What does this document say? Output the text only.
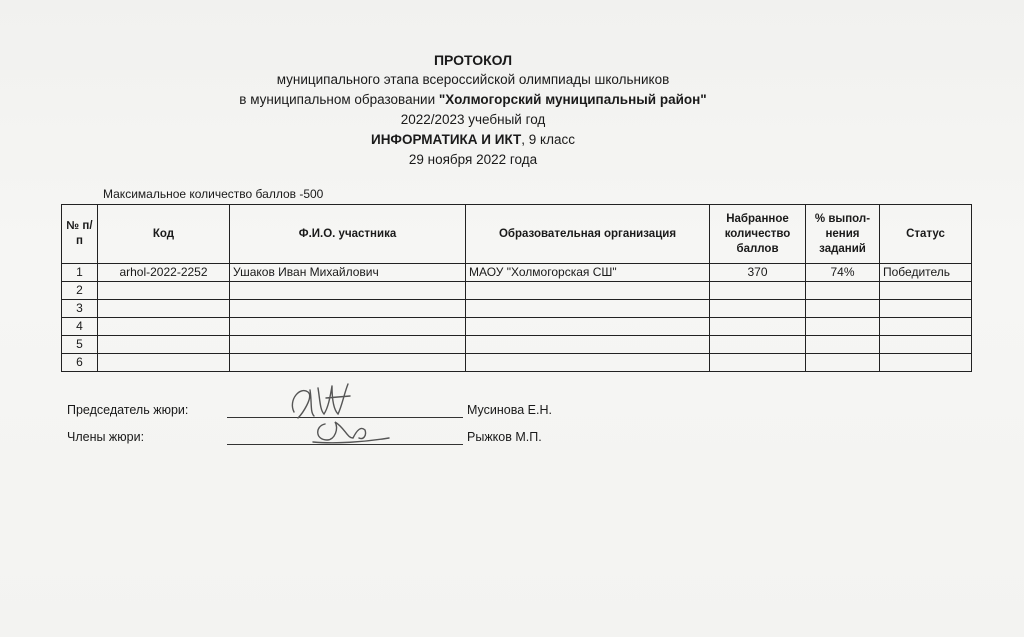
ПРОТОКОЛ
муниципального этапа всероссийской олимпиады школьников
в муниципальном образовании "Холмогорский муниципальный район"
2022/2023 учебный год
ИНФОРМАТИКА И ИКТ, 9 класс
29 ноября 2022 года
Максимальное количество баллов -500
№ п/п	Код	Ф.И.О. участника	Образовательная организация	Набранное количество баллов	% выпол-нения заданий	Статус
1	arhol-2022-2252	Ушаков Иван Михайлович	МАОУ "Холмогорская СШ"	370	74%	Победитель
2						
3						
4						
5						
6						
Председатель жюри:	Мусинова Е.Н.
Члены жюри:	Рыжков М.П.
